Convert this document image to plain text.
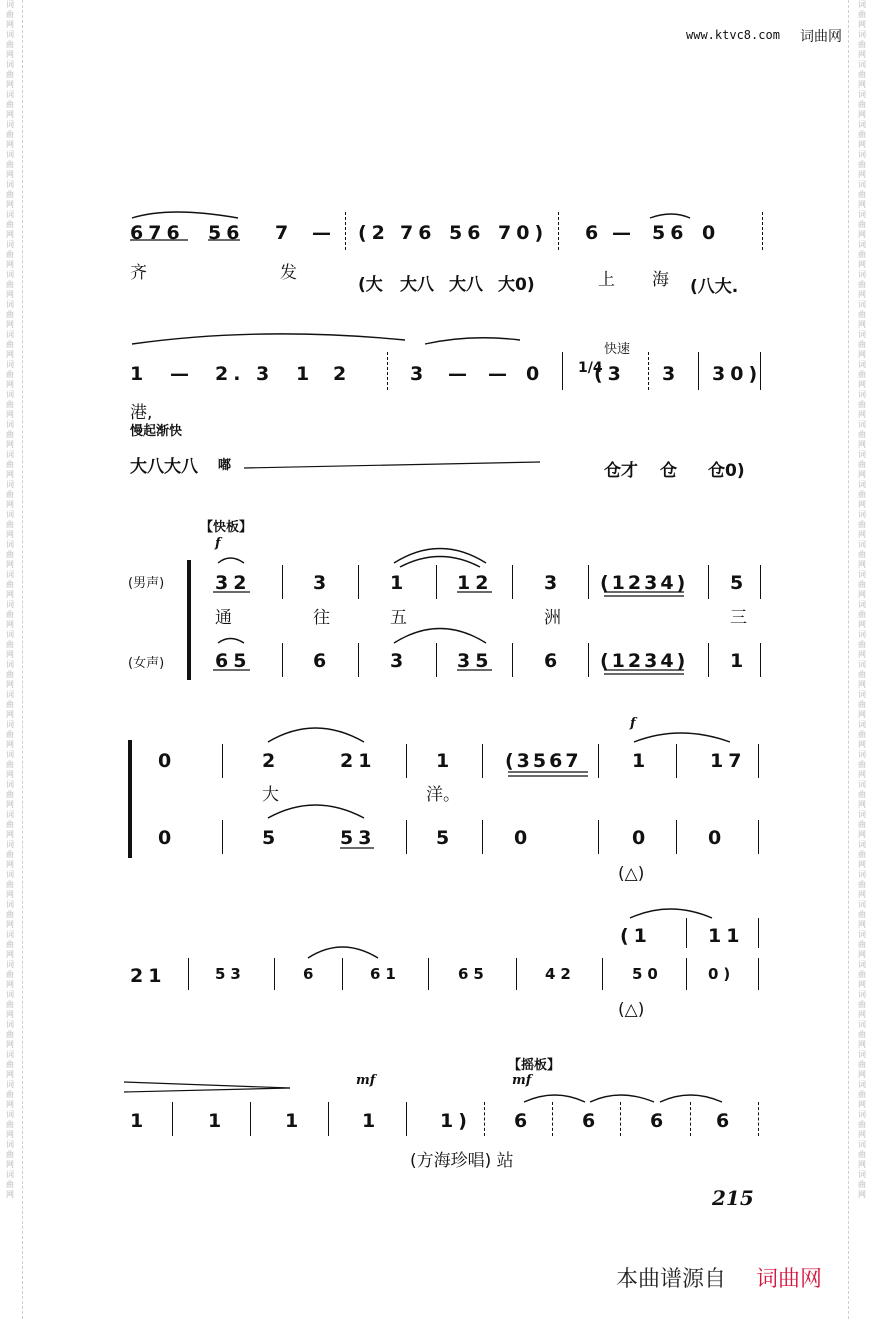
词曲网词曲网词曲网词曲网词曲网词曲网词曲网词曲网词曲网词曲网词曲网词曲网词曲网词曲网词曲网词曲网词曲网词曲网词曲网词曲网词曲网词曲网词曲网词曲网词曲网词曲网词曲网词曲网词曲网词曲网词曲网词曲网词曲网词曲网词曲网词曲网词曲网词曲网词曲网词曲网
词曲网词曲网词曲网词曲网词曲网词曲网词曲网词曲网词曲网词曲网词曲网词曲网词曲网词曲网词曲网词曲网词曲网词曲网词曲网词曲网词曲网词曲网词曲网词曲网词曲网词曲网词曲网词曲网词曲网词曲网词曲网词曲网词曲网词曲网词曲网词曲网词曲网词曲网词曲网词曲网
www.ktvc8.com 词曲网
676 56 7 — (2 76 56 70) 6 — 56 0
齐	发	上 海
(大 大八 大八 大0)	(八大.
快速
1 — 2. 3 1 2	3 — — 0 1/4
(3 3 30)
港,
慢起渐快
大八大八 嘟	仓才 仓 仓0)
【快板】
f
(男声)
(女声)
32	3	1	12	3 (1234) 5
通	往	五	洲	三
65	6	3	35	6 (1234) 1
f
0	2	21	1	(3567	1	17
大	洋。
0	5	53	5	0	0	0
(△)
(1	11
21	53	6	61	65	42	50	0)
(△)
【摇板】
mf	mf
1	1	1	1	1) 6	6	6	6
(方海珍唱) 站
215
本曲谱源自 词曲网
